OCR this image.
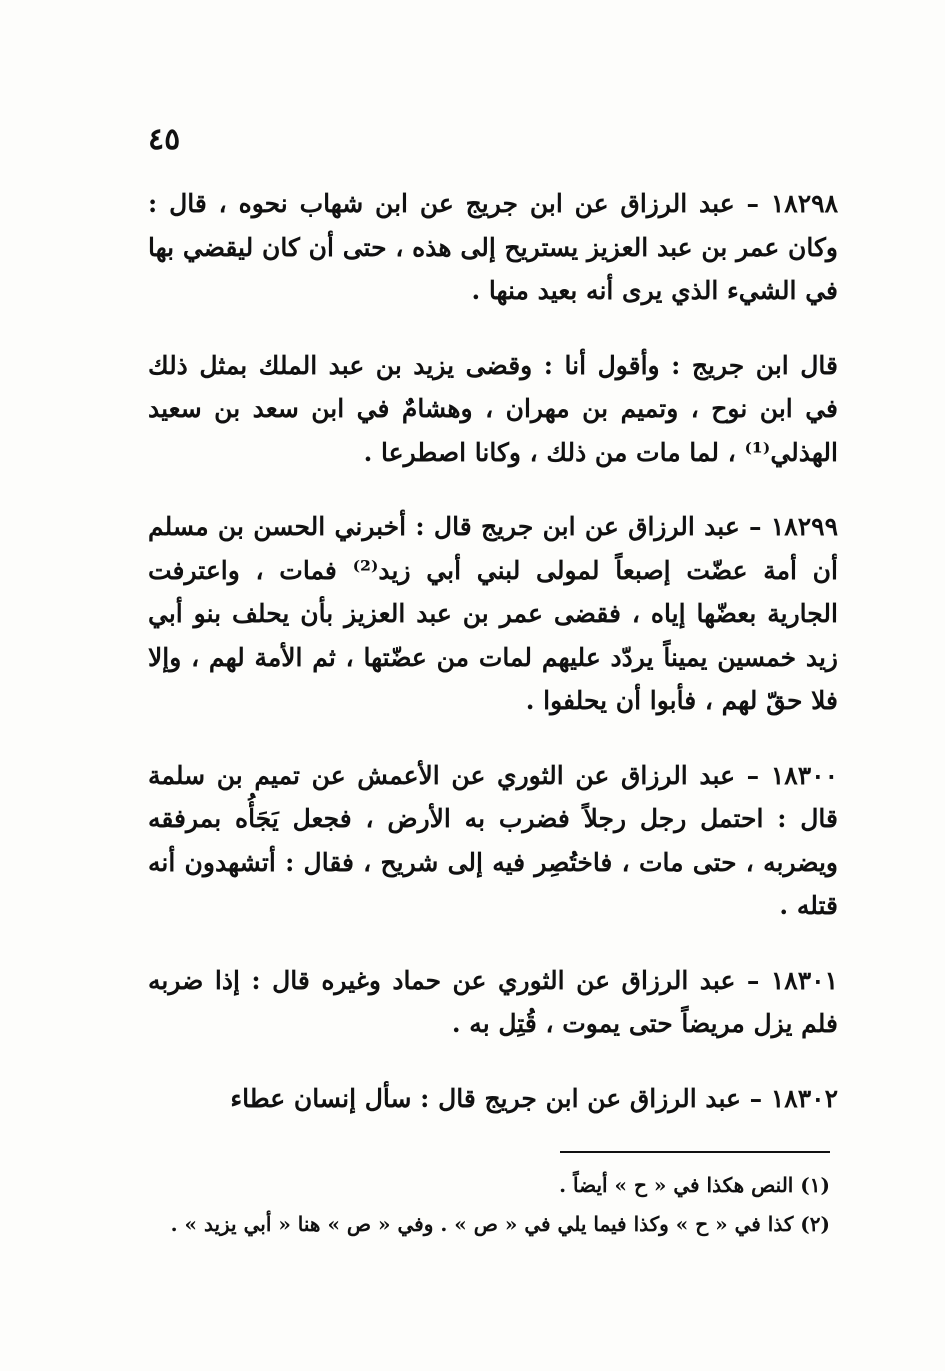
٤٥

١٨٢٩٨ – عبد الرزاق عن ابن جريج عن ابن شهاب نحوه ، قال : وكان عمر بن عبد العزيز يستريح إلى هذه ، حتى أن كان ليقضي بها في الشيء الذي يرى أنه بعيد منها .

قال ابن جريج : وأقول أنا : وقضى يزيد بن عبد الملك بمثل ذلك في ابن نوح ، وتميم بن مهران ، وهشامٌ في ابن سعد بن سعيد الهذلي⁽¹⁾ ، لما مات من ذلك ، وكانا اصطرعا .

١٨٢٩٩ – عبد الرزاق عن ابن جريج قال : أخبرني الحسن بن مسلم أن أمة عضّت إصبعاً لمولى لبني أبي زيد⁽²⁾ فمات ، واعترفت الجارية بعضّها إياه ، فقضى عمر بن عبد العزيز بأن يحلف بنو أبي زيد خمسين يميناً يردّد عليهم لمات من عضّتها ، ثم الأمة لهم ، وإلا فلا حقّ لهم ، فأبوا أن يحلفوا .

١٨٣٠٠ – عبد الرزاق عن الثوري عن الأعمش عن تميم بن سلمة قال : احتمل رجل رجلاً فضرب به الأرض ، فجعل يَجَأُه بمرفقه ويضربه ، حتى مات ، فاختُصِر فيه إلى شريح ، فقال : أتشهدون أنه قتله .

١٨٣٠١ – عبد الرزاق عن الثوري عن حماد وغيره قال : إذا ضربه فلم يزل مريضاً حتى يموت ، قُتِل به .

١٨٣٠٢ – عبد الرزاق عن ابن جريج قال : سأل إنسان عطاء

(١) النص هكذا في « ح » أيضاً .

(٢) كذا في « ح » وكذا فيما يلي في « ص » . وفي « ص » هنا « أبي يزيد » .
